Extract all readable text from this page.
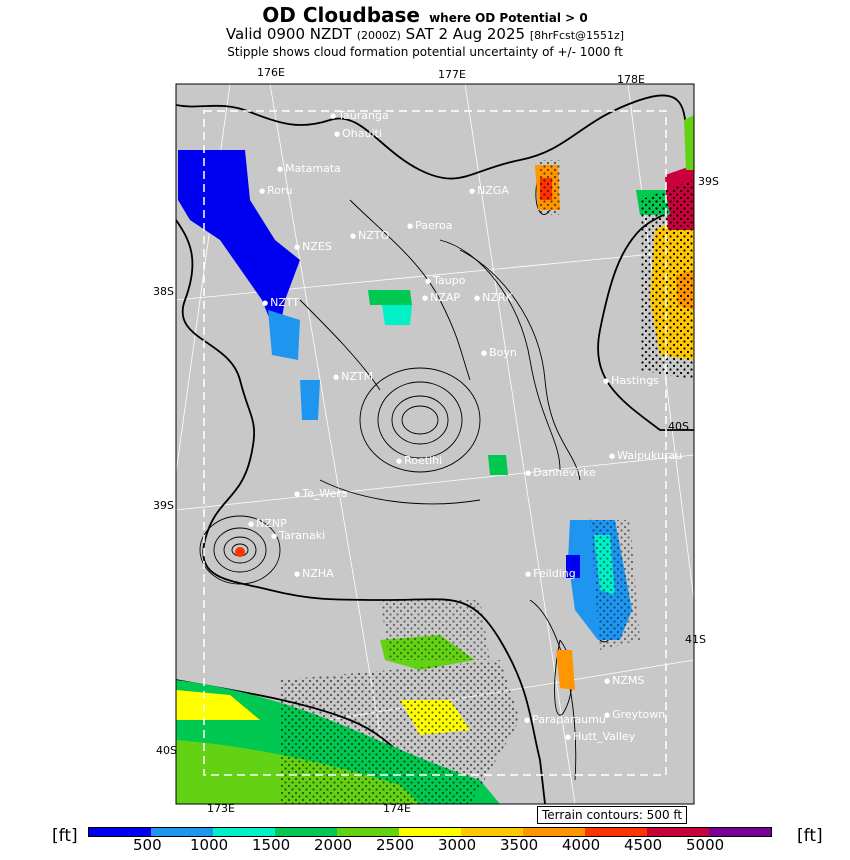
OD Cloudbase where OD Potential > 0
Valid 0900 NZDT (2000Z) SAT 2 Aug 2025 [8hrFcst@1551z]
Stipple shows cloud formation potential uncertainty of +/- 1000 ft
● Tauranga
● Ohauiti
● Matamata
● Roru	● NZGA
● Paeroa
● NZTO
● NZES
● Taupo
● NZAP	● NZRK
● NZTT
● Boyn
● NZTM	● Hastings
● Waipukurau
● Roetihi
● Dannevirke
● Te_Wera
● NZNP
● Taranaki
● NZHA	● Feilding
● NZMS
● Paraparaumu ● Greytown
● Hutt_Valley
176E	177E	178E
173E	174E
38S
39S
40S
39S
40S
41S
Terrain contours: 500 ft
[ft]	[ft]
500 1000 1500 2000 2500 3000 3500 4000 4500 5000
